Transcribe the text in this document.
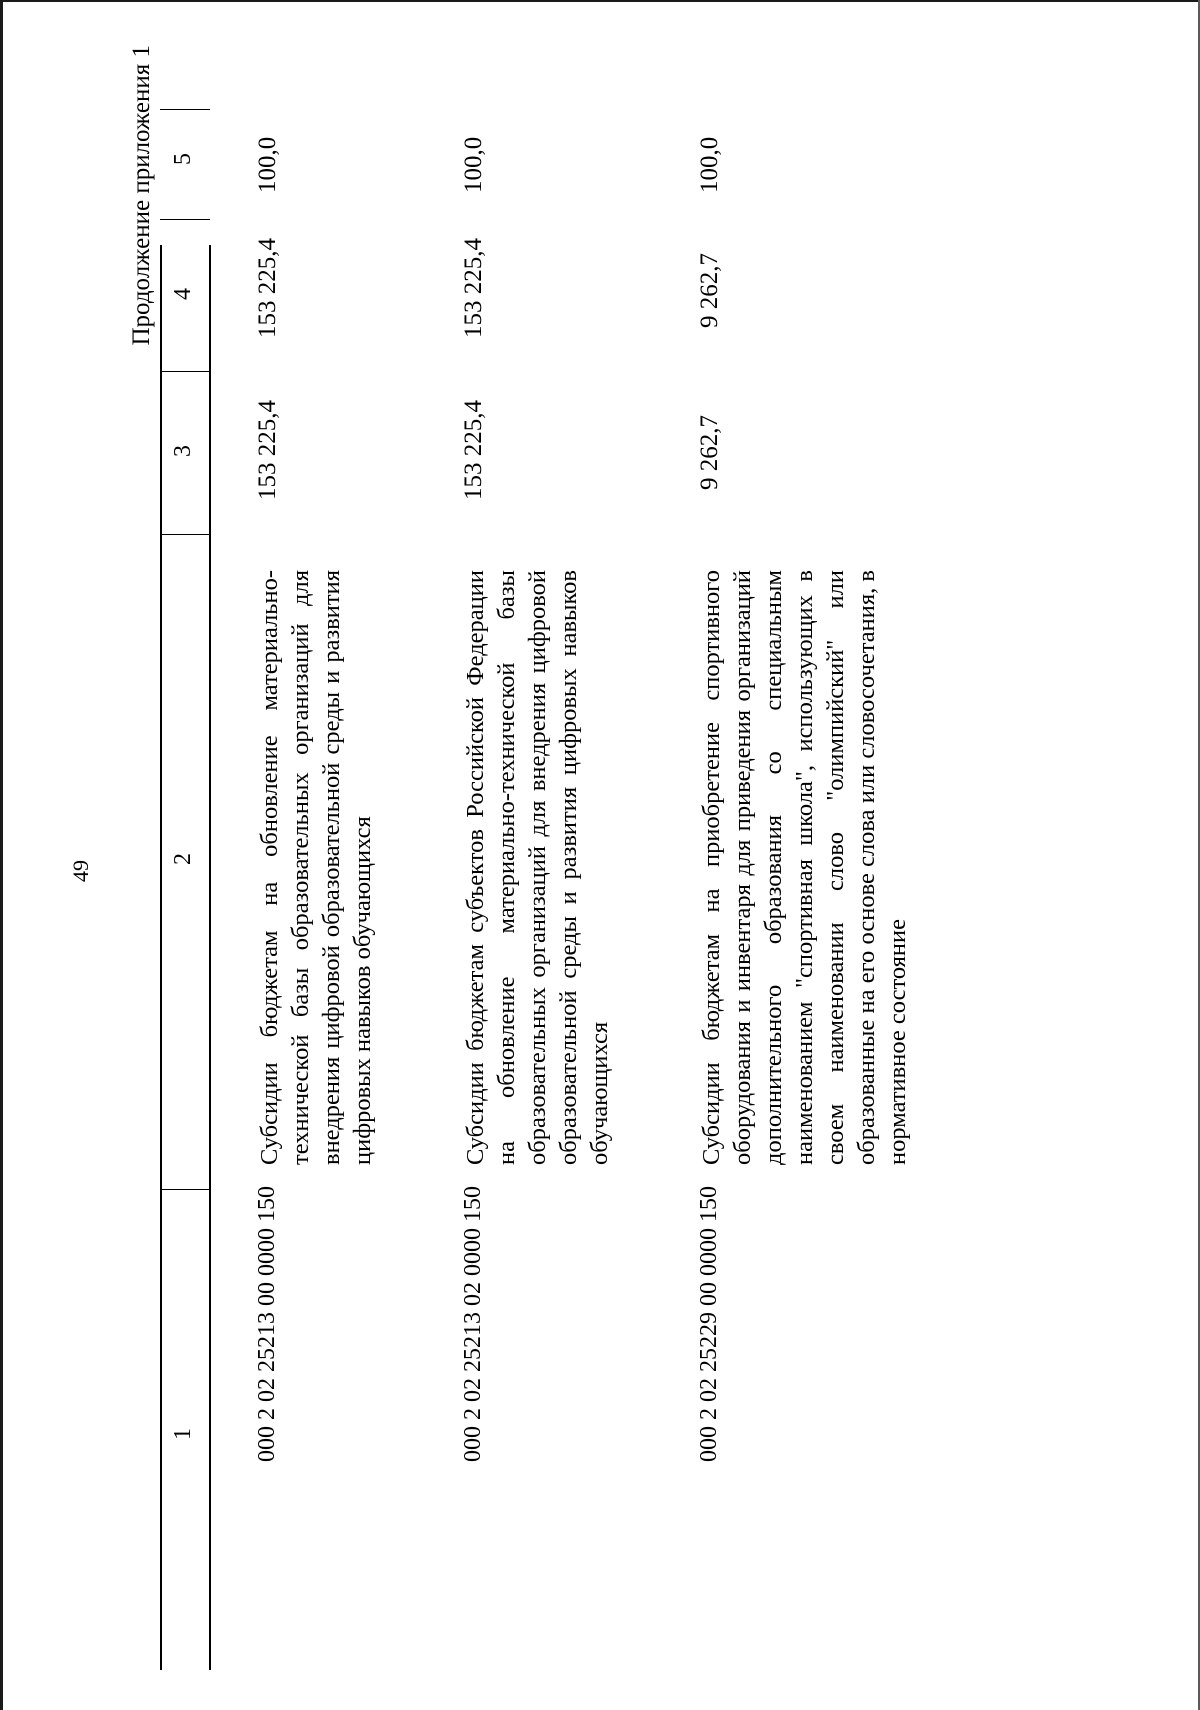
49
Продолжение приложения 1
1
2
3
4
5
000 2 02 25213 00 0000 150
Субсидии бюджетам на обновление материально-технической базы образовательных организаций для внедрения цифровой образовательной среды и развития цифровых навыков обучающихся
153 225,4
153 225,4
100,0
000 2 02 25213 02 0000 150
Субсидии бюджетам субъектов Российской Федерации на обновление материально-технической базы образовательных организаций для внедрения цифровой образовательной среды и развития цифровых навыков обучающихся
153 225,4
153 225,4
100,0
000 2 02 25229 00 0000 150
Субсидии бюджетам на приобретение спортивного оборудования и инвентаря для приведения организаций дополнительного образования со специальным наименованием "спортивная школа", использующих в своем наименовании слово "олимпийский" или образованные на его основе слова или словосочетания, в нормативное состояние
9 262,7
9 262,7
100,0
